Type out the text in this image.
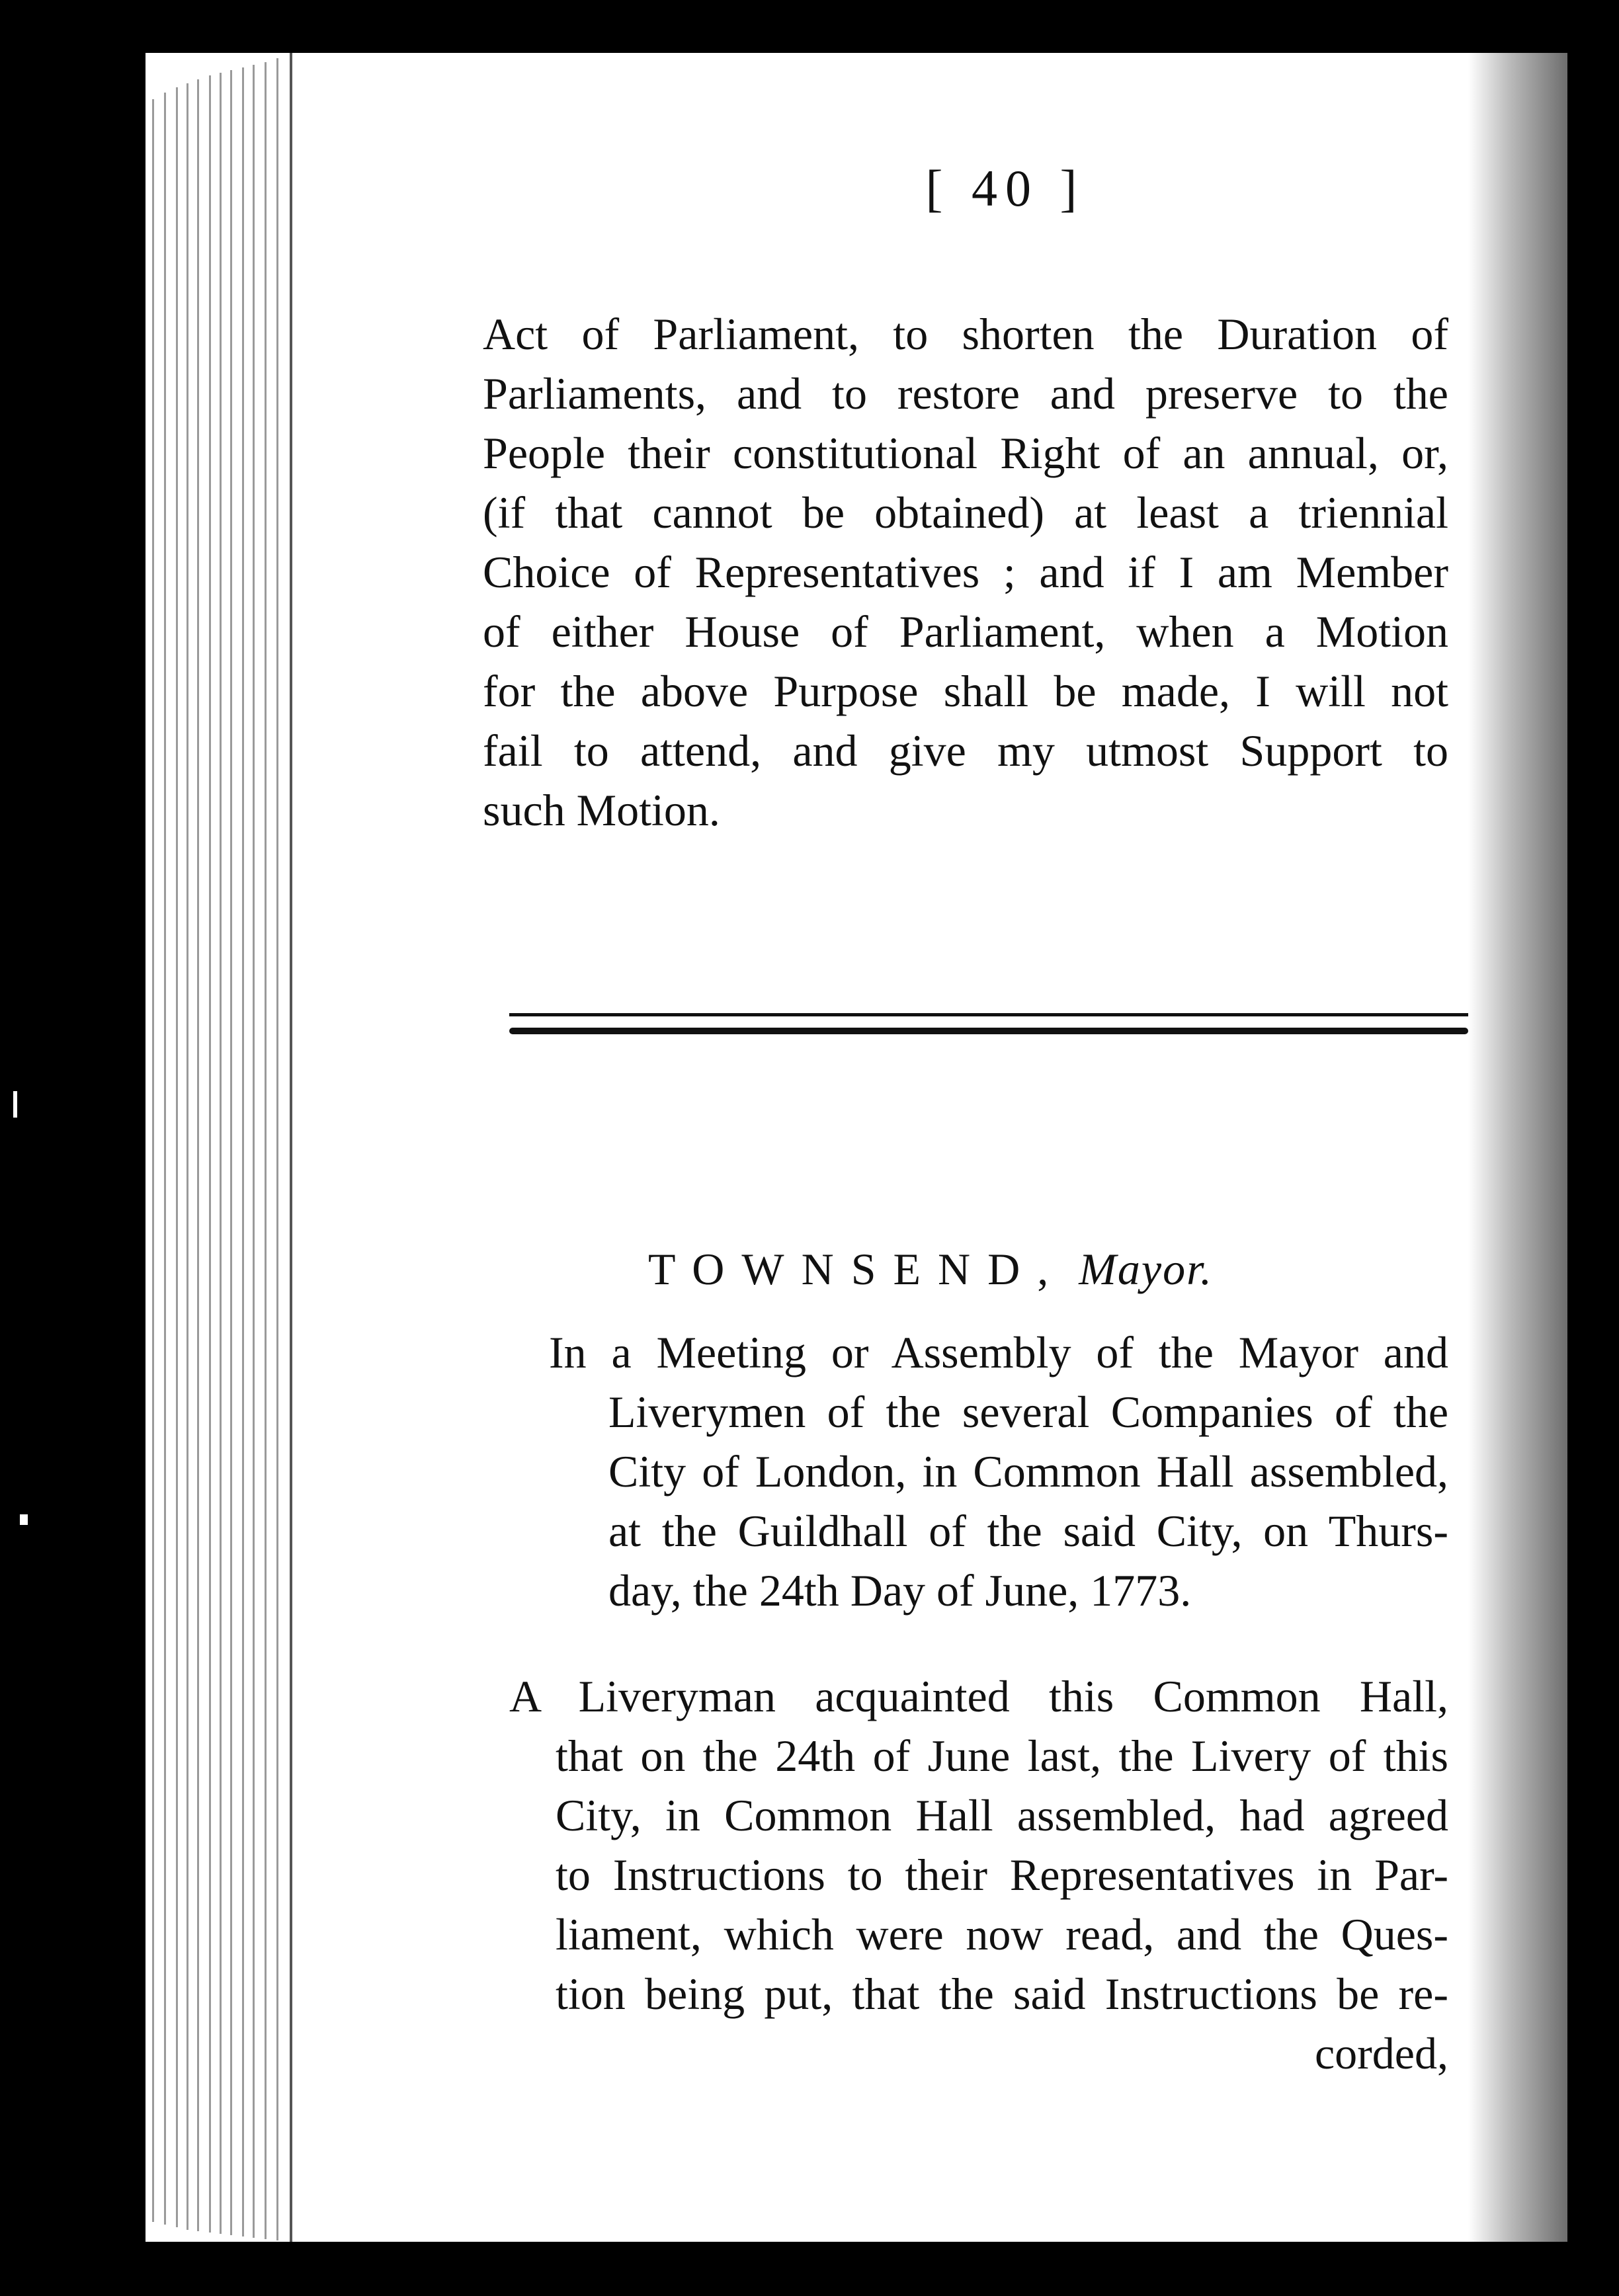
[ 40 ]
Act of Parliament, to shorten the Duration of
Parliaments, and to restore and preserve to the
People their constitutional Right of an annual, or,
(if that cannot be obtained) at least a triennial
Choice of Representatives ; and if I am Member
of either House of Parliament, when a Motion
for the above Purpose shall be made, I will not
fail to attend, and give my utmost Support to
such Motion.
TOWNSEND, Mayor.
In a Meeting or Assembly of the Mayor and
Liverymen of the several Companies of the
City of London, in Common Hall assembled,
at the Guildhall of the said City, on Thurs-
day, the 24th Day of June, 1773.
A Liveryman acquainted this Common Hall,
that on the 24th of June last, the Livery of this
City, in Common Hall assembled, had agreed
to Instructions to their Representatives in Par-
liament, which were now read, and the Ques-
tion being put, that the said Instructions be re-
corded,
